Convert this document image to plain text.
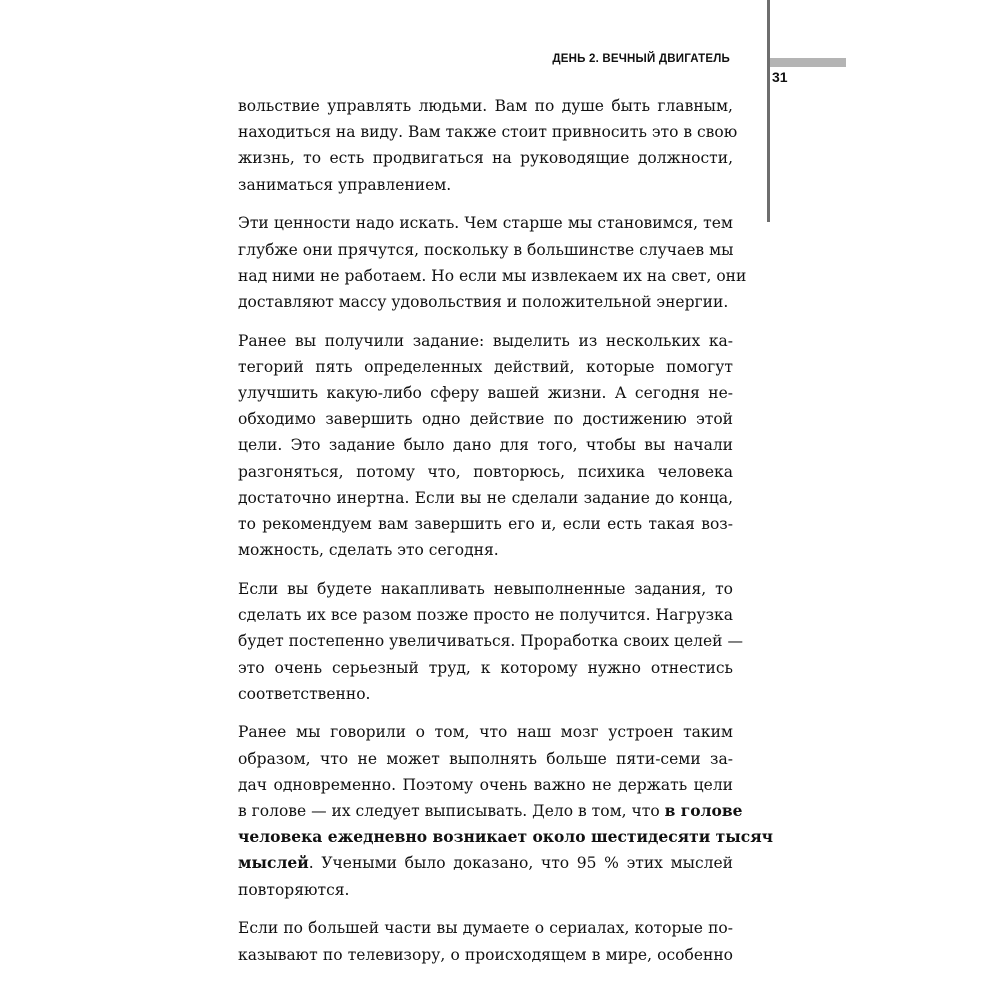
ДЕНЬ 2. ВЕЧНЫЙ ДВИГАТЕЛЬ
31

вольствие управлять людьми. Вам по душе быть главным,
находиться на виду. Вам также стоит привносить это в свою
жизнь, то есть продвигаться на руководящие должности,
заниматься управлением.

Эти ценности надо искать. Чем старше мы становимся, тем
глубже они прячутся, поскольку в большинстве случаев мы
над ними не работаем. Но если мы извлекаем их на свет, они
доставляют массу удовольствия и положительной энергии.

Ранее вы получили задание: выделить из нескольких ка-
тегорий пять определенных действий, которые помогут
улучшить какую-либо сферу вашей жизни. А сегодня не-
обходимо завершить одно действие по достижению этой
цели. Это задание было дано для того, чтобы вы начали
разгоняться, потому что, повторюсь, психика человека
достаточно инертна. Если вы не сделали задание до конца,
то рекомендуем вам завершить его и, если есть такая воз-
можность, сделать это сегодня.

Если вы будете накапливать невыполненные задания, то
сделать их все разом позже просто не получится. Нагрузка
будет постепенно увеличиваться. Проработка своих целей —
это очень серьезный труд, к которому нужно отнестись
соответственно.

Ранее мы говорили о том, что наш мозг устроен таким
образом, что не может выполнять больше пяти-семи за-
дач одновременно. Поэтому очень важно не держать цели
в голове — их следует выписывать. Дело в том, что в голове
человека ежедневно возникает около шестидесяти тысяч
мыслей. Учеными было доказано, что 95 % этих мыслей
повторяются.

Если по большей части вы думаете о сериалах, которые по-
казывают по телевизору, о происходящем в мире, особенно
